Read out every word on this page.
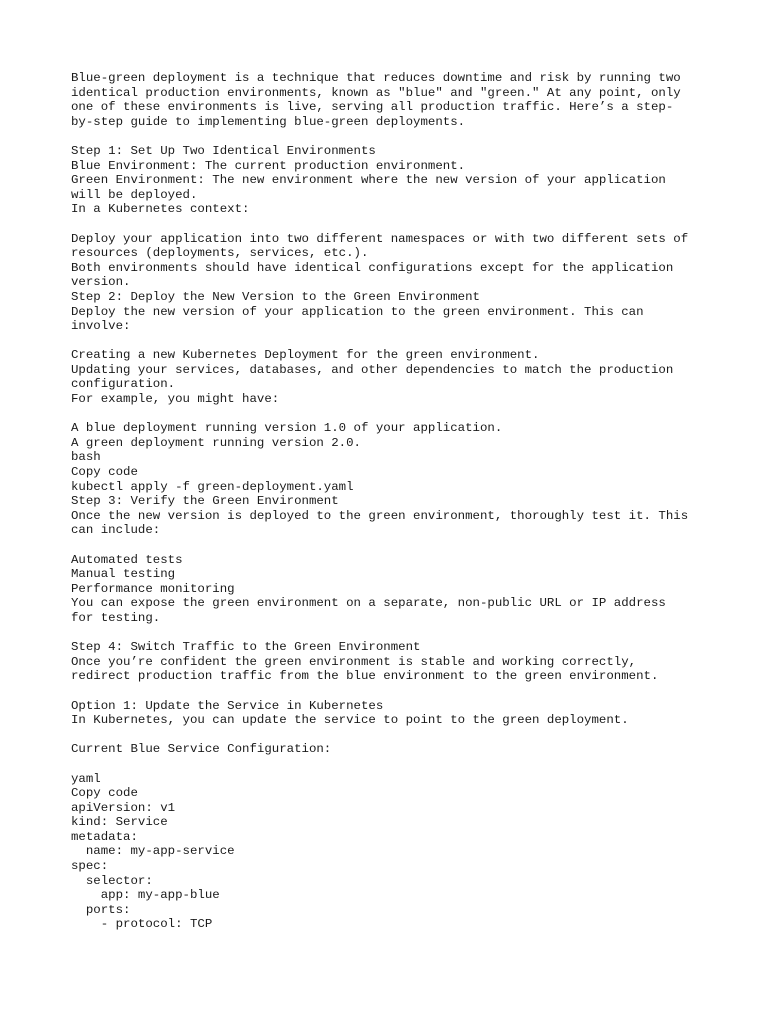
Blue-green deployment is a technique that reduces downtime and risk by running two
identical production environments, known as "blue" and "green." At any point, only
one of these environments is live, serving all production traffic. Here’s a step-
by-step guide to implementing blue-green deployments.
Step 1: Set Up Two Identical Environments
Blue Environment: The current production environment.
Green Environment: The new environment where the new version of your application
will be deployed.
In a Kubernetes context:
Deploy your application into two different namespaces or with two different sets of
resources (deployments, services, etc.).
Both environments should have identical configurations except for the application
version.
Step 2: Deploy the New Version to the Green Environment
Deploy the new version of your application to the green environment. This can
involve:
Creating a new Kubernetes Deployment for the green environment.
Updating your services, databases, and other dependencies to match the production
configuration.
For example, you might have:
A blue deployment running version 1.0 of your application.
A green deployment running version 2.0.
bash
Copy code
kubectl apply -f green-deployment.yaml
Step 3: Verify the Green Environment
Once the new version is deployed to the green environment, thoroughly test it. This
can include:
Automated tests
Manual testing
Performance monitoring
You can expose the green environment on a separate, non-public URL or IP address
for testing.
Step 4: Switch Traffic to the Green Environment
Once you’re confident the green environment is stable and working correctly,
redirect production traffic from the blue environment to the green environment.
Option 1: Update the Service in Kubernetes
In Kubernetes, you can update the service to point to the green deployment.
Current Blue Service Configuration:
yaml
Copy code
apiVersion: v1
kind: Service
metadata:
name: my-app-service
spec:
selector:
app: my-app-blue
ports:
- protocol: TCP
